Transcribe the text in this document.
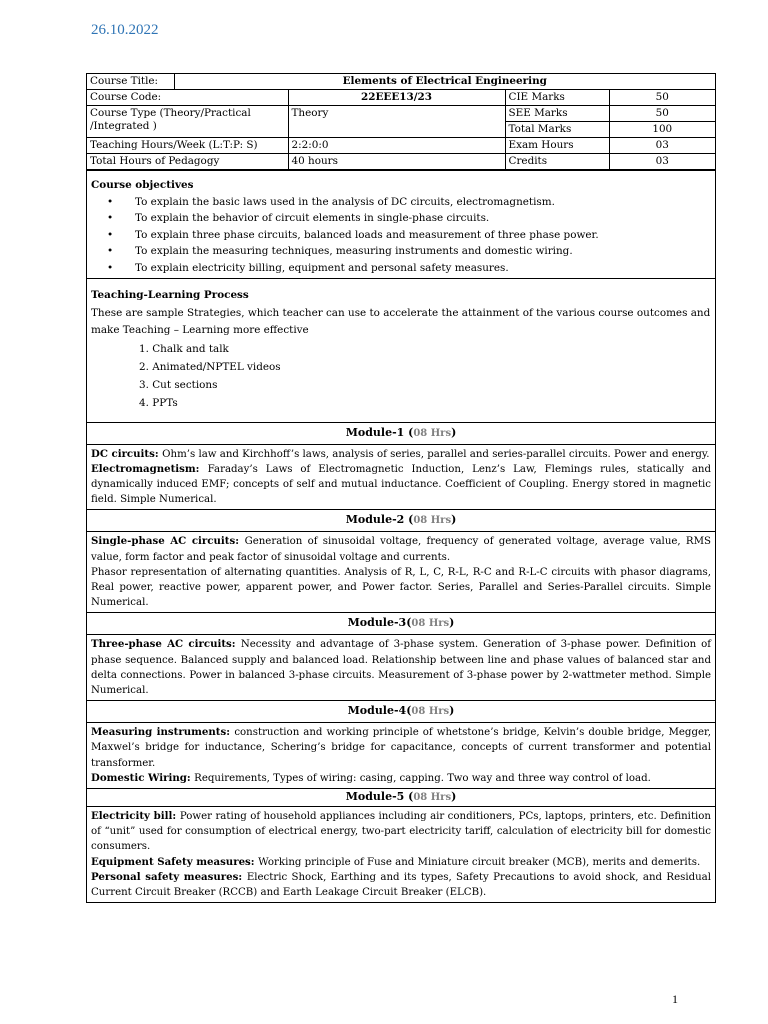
26.10.2022
Course Title:	Elements of Electrical Engineering			
Course Code:		22EEE13/23	CIE Marks	50

Course Type (Theory/Practical
/Integrated )		Theory	SEE Marks	50
			Total Marks	100
Teaching Hours/Week (L:T:P: S)		2:2:0:0	Exam Hours	03
Total Hours of Pedagogy		40 hours	Credits	03
Course objectives
• To explain the basic laws used in the analysis of DC circuits, electromagnetism.
• To explain the behavior of circuit elements in single-phase circuits.
• To explain three phase circuits, balanced loads and measurement of three phase power.
• To explain the measuring techniques, measuring instruments and domestic wiring.
• To explain electricity billing, equipment and personal safety measures.
Teaching-Learning Process
These are sample Strategies, which teacher can use to accelerate the attainment of the various course outcomes and make Teaching – Learning more effective
1. Chalk and talk
2. Animated/NPTEL videos
3. Cut sections
4. PPTs
Module-1 (08 Hrs)

DC circuits: Ohm’s law and Kirchhoff’s laws, analysis of series, parallel and series-parallel circuits. Power and energy.

Electromagnetism: Faraday’s Laws of Electromagnetic Induction, Lenz’s Law, Flemings rules, statically and dynamically induced EMF; concepts of self and mutual inductance. Coefficient of Coupling. Energy stored in magnetic field. Simple Numerical.

Module-2 (08 Hrs)

Single-phase AC circuits: Generation of sinusoidal voltage, frequency of generated voltage, average value, RMS value, form factor and peak factor of sinusoidal voltage and currents.

Phasor representation of alternating quantities. Analysis of R, L, C, R-L, R-C and R-L-C circuits with phasor diagrams, Real power, reactive power, apparent power, and Power factor. Series, Parallel and Series-Parallel circuits. Simple Numerical.

Module-3(08 Hrs)

Three-phase AC circuits: Necessity and advantage of 3-phase system. Generation of 3-phase power. Definition of phase sequence. Balanced supply and balanced load. Relationship between line and phase values of balanced star and delta connections. Power in balanced 3-phase circuits. Measurement of 3-phase power by 2-wattmeter method. Simple Numerical.

Module-4(08 Hrs)

Measuring instruments: construction and working principle of whetstone’s bridge, Kelvin’s double bridge, Megger, Maxwel’s bridge for inductance, Schering’s bridge for capacitance, concepts of current transformer and potential transformer.

Domestic Wiring: Requirements, Types of wiring: casing, capping. Two way and three way control of load.

Module-5 (08 Hrs)

Electricity bill: Power rating of household appliances including air conditioners, PCs, laptops, printers, etc. Definition of “unit” used for consumption of electrical energy, two-part electricity tariff, calculation of electricity bill for domestic consumers.

Equipment Safety measures: Working principle of Fuse and Miniature circuit breaker (MCB), merits and demerits.

Personal safety measures: Electric Shock, Earthing and its types, Safety Precautions to avoid shock, and Residual Current Circuit Breaker (RCCB) and Earth Leakage Circuit Breaker (ELCB).

1
